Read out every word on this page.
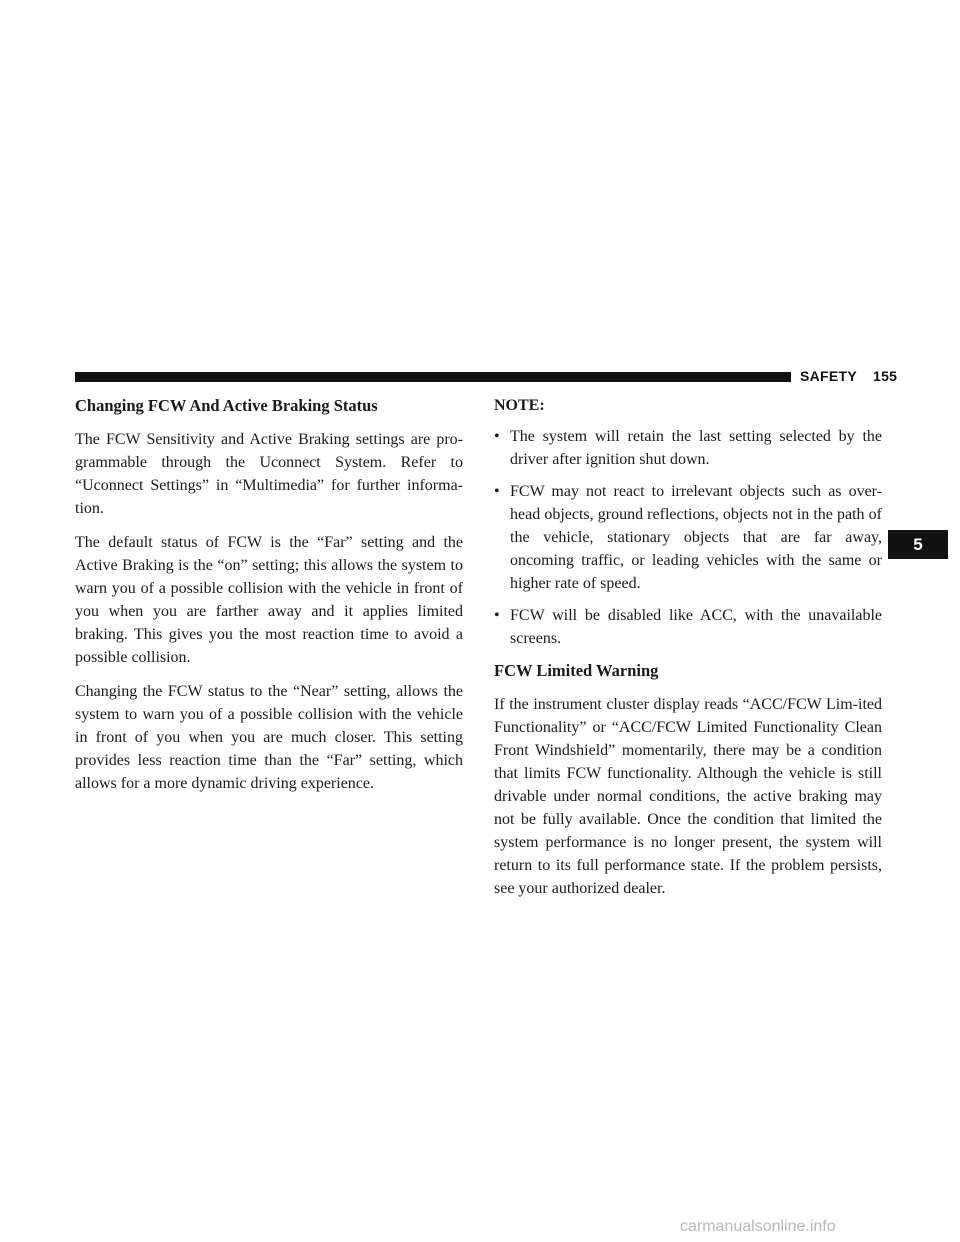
SAFETY 155
5
Changing FCW And Active Braking Status

The FCW Sensitivity and Active Braking settings are pro-grammable through the Uconnect System. Refer to “Uconnect Settings” in “Multimedia” for further informa-tion.

The default status of FCW is the “Far” setting and the Active Braking is the “on” setting; this allows the system to warn you of a possible collision with the vehicle in front of you when you are farther away and it applies limited braking. This gives you the most reaction time to avoid a possible collision.

Changing the FCW status to the “Near” setting, allows the system to warn you of a possible collision with the vehicle in front of you when you are much closer. This setting provides less reaction time than the “Far” setting, which allows for a more dynamic driving experience.

NOTE:
• The system will retain the last setting selected by the driver after ignition shut down.
• FCW may not react to irrelevant objects such as over-head objects, ground reflections, objects not in the path of the vehicle, stationary objects that are far away, oncoming traffic, or leading vehicles with the same or higher rate of speed.
• FCW will be disabled like ACC, with the unavailable screens.
FCW Limited Warning

If the instrument cluster display reads “ACC/FCW Lim-ited Functionality” or “ACC/FCW Limited Functionality Clean Front Windshield” momentarily, there may be a condition that limits FCW functionality. Although the vehicle is still drivable under normal conditions, the active braking may not be fully available. Once the condition that limited the system performance is no longer present, the system will return to its full performance state. If the problem persists, see your authorized dealer.

carmanualsonline.info
